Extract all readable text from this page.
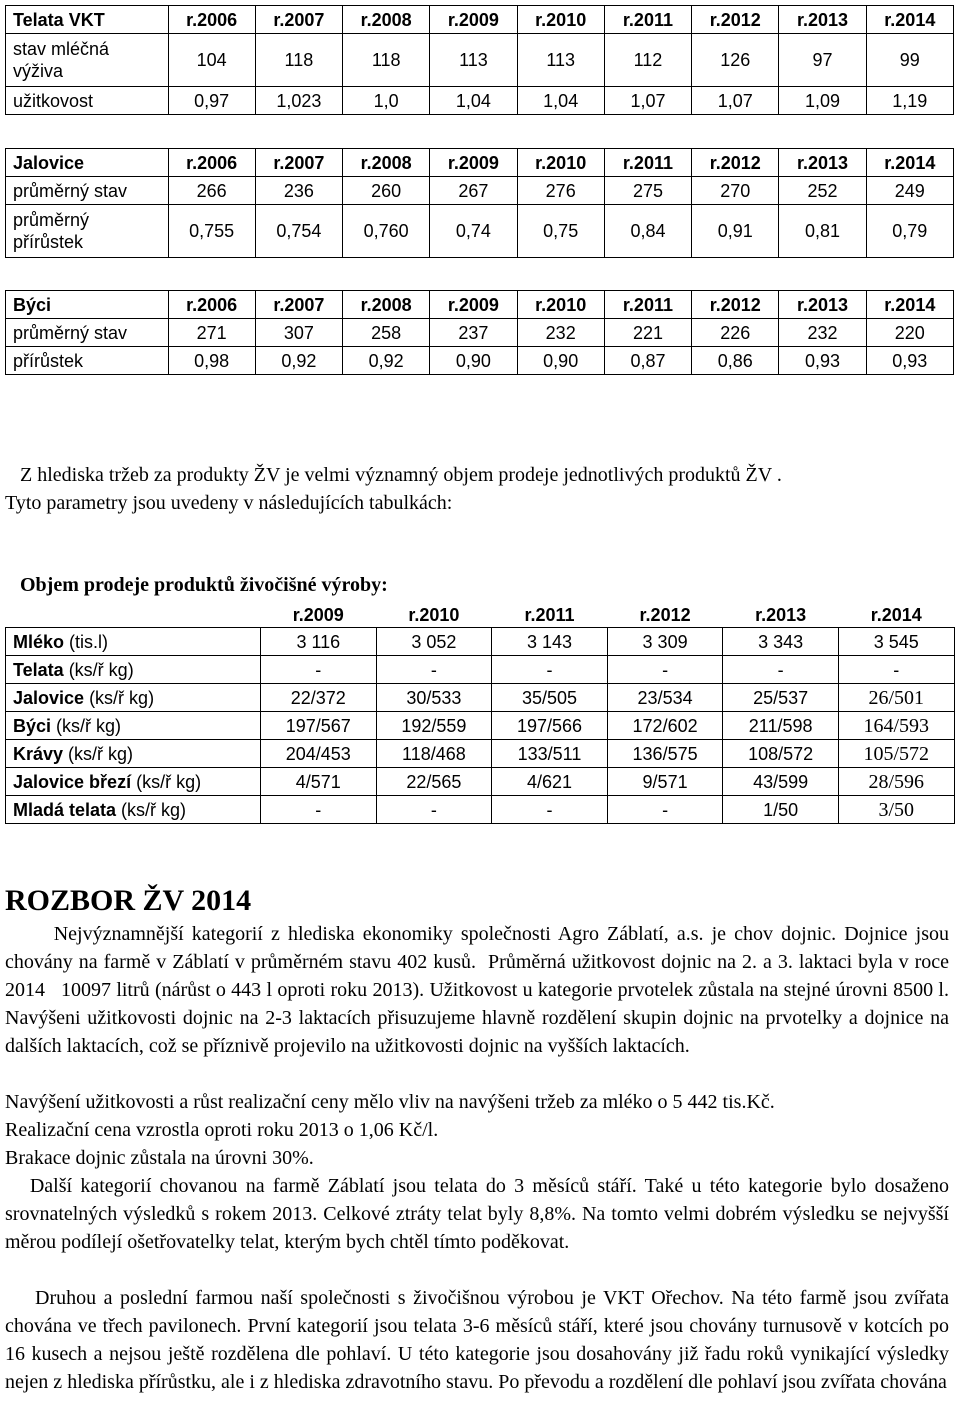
Telata VKT	r.2006	r.2007	r.2008	r.2009	r.2010	r.2011	r.2012	r.2013	r.2014
stav mléčná výživa	104	118	118	113	113	112	126	97	99
užitkovost	0,97	1,023	1,0	1,04	1,04	1,07	1,07	1,09	1,19
Jalovice	r.2006	r.2007	r.2008	r.2009	r.2010	r.2011	r.2012	r.2013	r.2014
průměrný stav	266	236	260	267	276	275	270	252	249
průměrný přírůstek	0,755	0,754	0,760	0,74	0,75	0,84	0,91	0,81	0,79
Býci	r.2006	r.2007	r.2008	r.2009	r.2010	r.2011	r.2012	r.2013	r.2014
průměrný stav	271	307	258	237	232	221	226	232	220
přírůstek	0,98	0,92	0,92	0,90	0,90	0,87	0,86	0,93	0,93
Z hlediska tržeb za produkty ŽV je velmi významný objem prodeje jednotlivých produktů ŽV .
Tyto parametry jsou uvedeny v následujících tabulkách:
Objem prodeje produktů živočišné výroby:
	r.2009	r.2010	r.2011	r.2012	r.2013	r.2014
Mléko (tis.l)	3 116	3 052	3 143	3 309	3 343	3 545
Telata (ks/ř kg)	-	-	-	-	-	-
Jalovice (ks/ř kg)	22/372	30/533	35/505	23/534	25/537	26/501
Býci (ks/ř kg)	197/567	192/559	197/566	172/602	211/598	164/593
Krávy (ks/ř kg)	204/453	118/468	133/511	136/575	108/572	105/572
Jalovice březí (ks/ř kg)	4/571	22/565	4/621	9/571	43/599	28/596
Mladá telata (ks/ř kg)	-	-	-	-	1/50	3/50
ROZBOR ŽV 2014
Nejvýznamnější kategorií z hlediska ekonomiky společnosti Agro Záblatí, a.s. je chov dojnic. Dojnice jsou chovány na farmě v Záblatí v průměrném stavu 402 kusů.  Průměrná užitkovost dojnic na 2. a 3. laktaci byla v roce 2014   10097 litrů (nárůst o 443 l oproti roku 2013). Užitkovost u kategorie prvotelek zůstala na stejné úrovni 8500 l. Navýšeni užitkovosti dojnic na 2-3 laktacích přisuzujeme hlavně rozdělení skupin dojnic na prvotelky a dojnice na dalších laktacích, což se příznivě projevilo na užitkovosti dojnic na vyšších laktacích.
Navýšení užitkovosti a růst realizační ceny mělo vliv na navýšeni tržeb za mléko o 5 442 tis.Kč.
Realizační cena vzrostla oproti roku 2013 o 1,06 Kč/l.
Brakace dojnic zůstala na úrovni 30%.
Další kategorií chovanou na farmě Záblatí jsou telata do 3 měsíců stáří. Také u této kategorie bylo dosaženo srovnatelných výsledků s rokem 2013. Celkové ztráty telat byly 8,8%. Na tomto velmi dobrém výsledku se nejvyšší měrou podílejí ošetřovatelky telat, kterým bych chtěl tímto poděkovat.
Druhou a poslední farmou naší společnosti s živočišnou výrobou je VKT Ořechov. Na této farmě jsou zvířata chována ve třech pavilonech. První kategorií jsou telata 3-6 měsíců stáří, které jsou chovány turnusově v kotcích po 16 kusech a nejsou ještě rozdělena dle pohlaví. U této kategorie jsou dosahovány již řadu roků vynikající výsledky nejen z hlediska přírůstku, ale i z hlediska zdravotního stavu. Po převodu a rozdělení dle pohlaví jsou zvířata chována
